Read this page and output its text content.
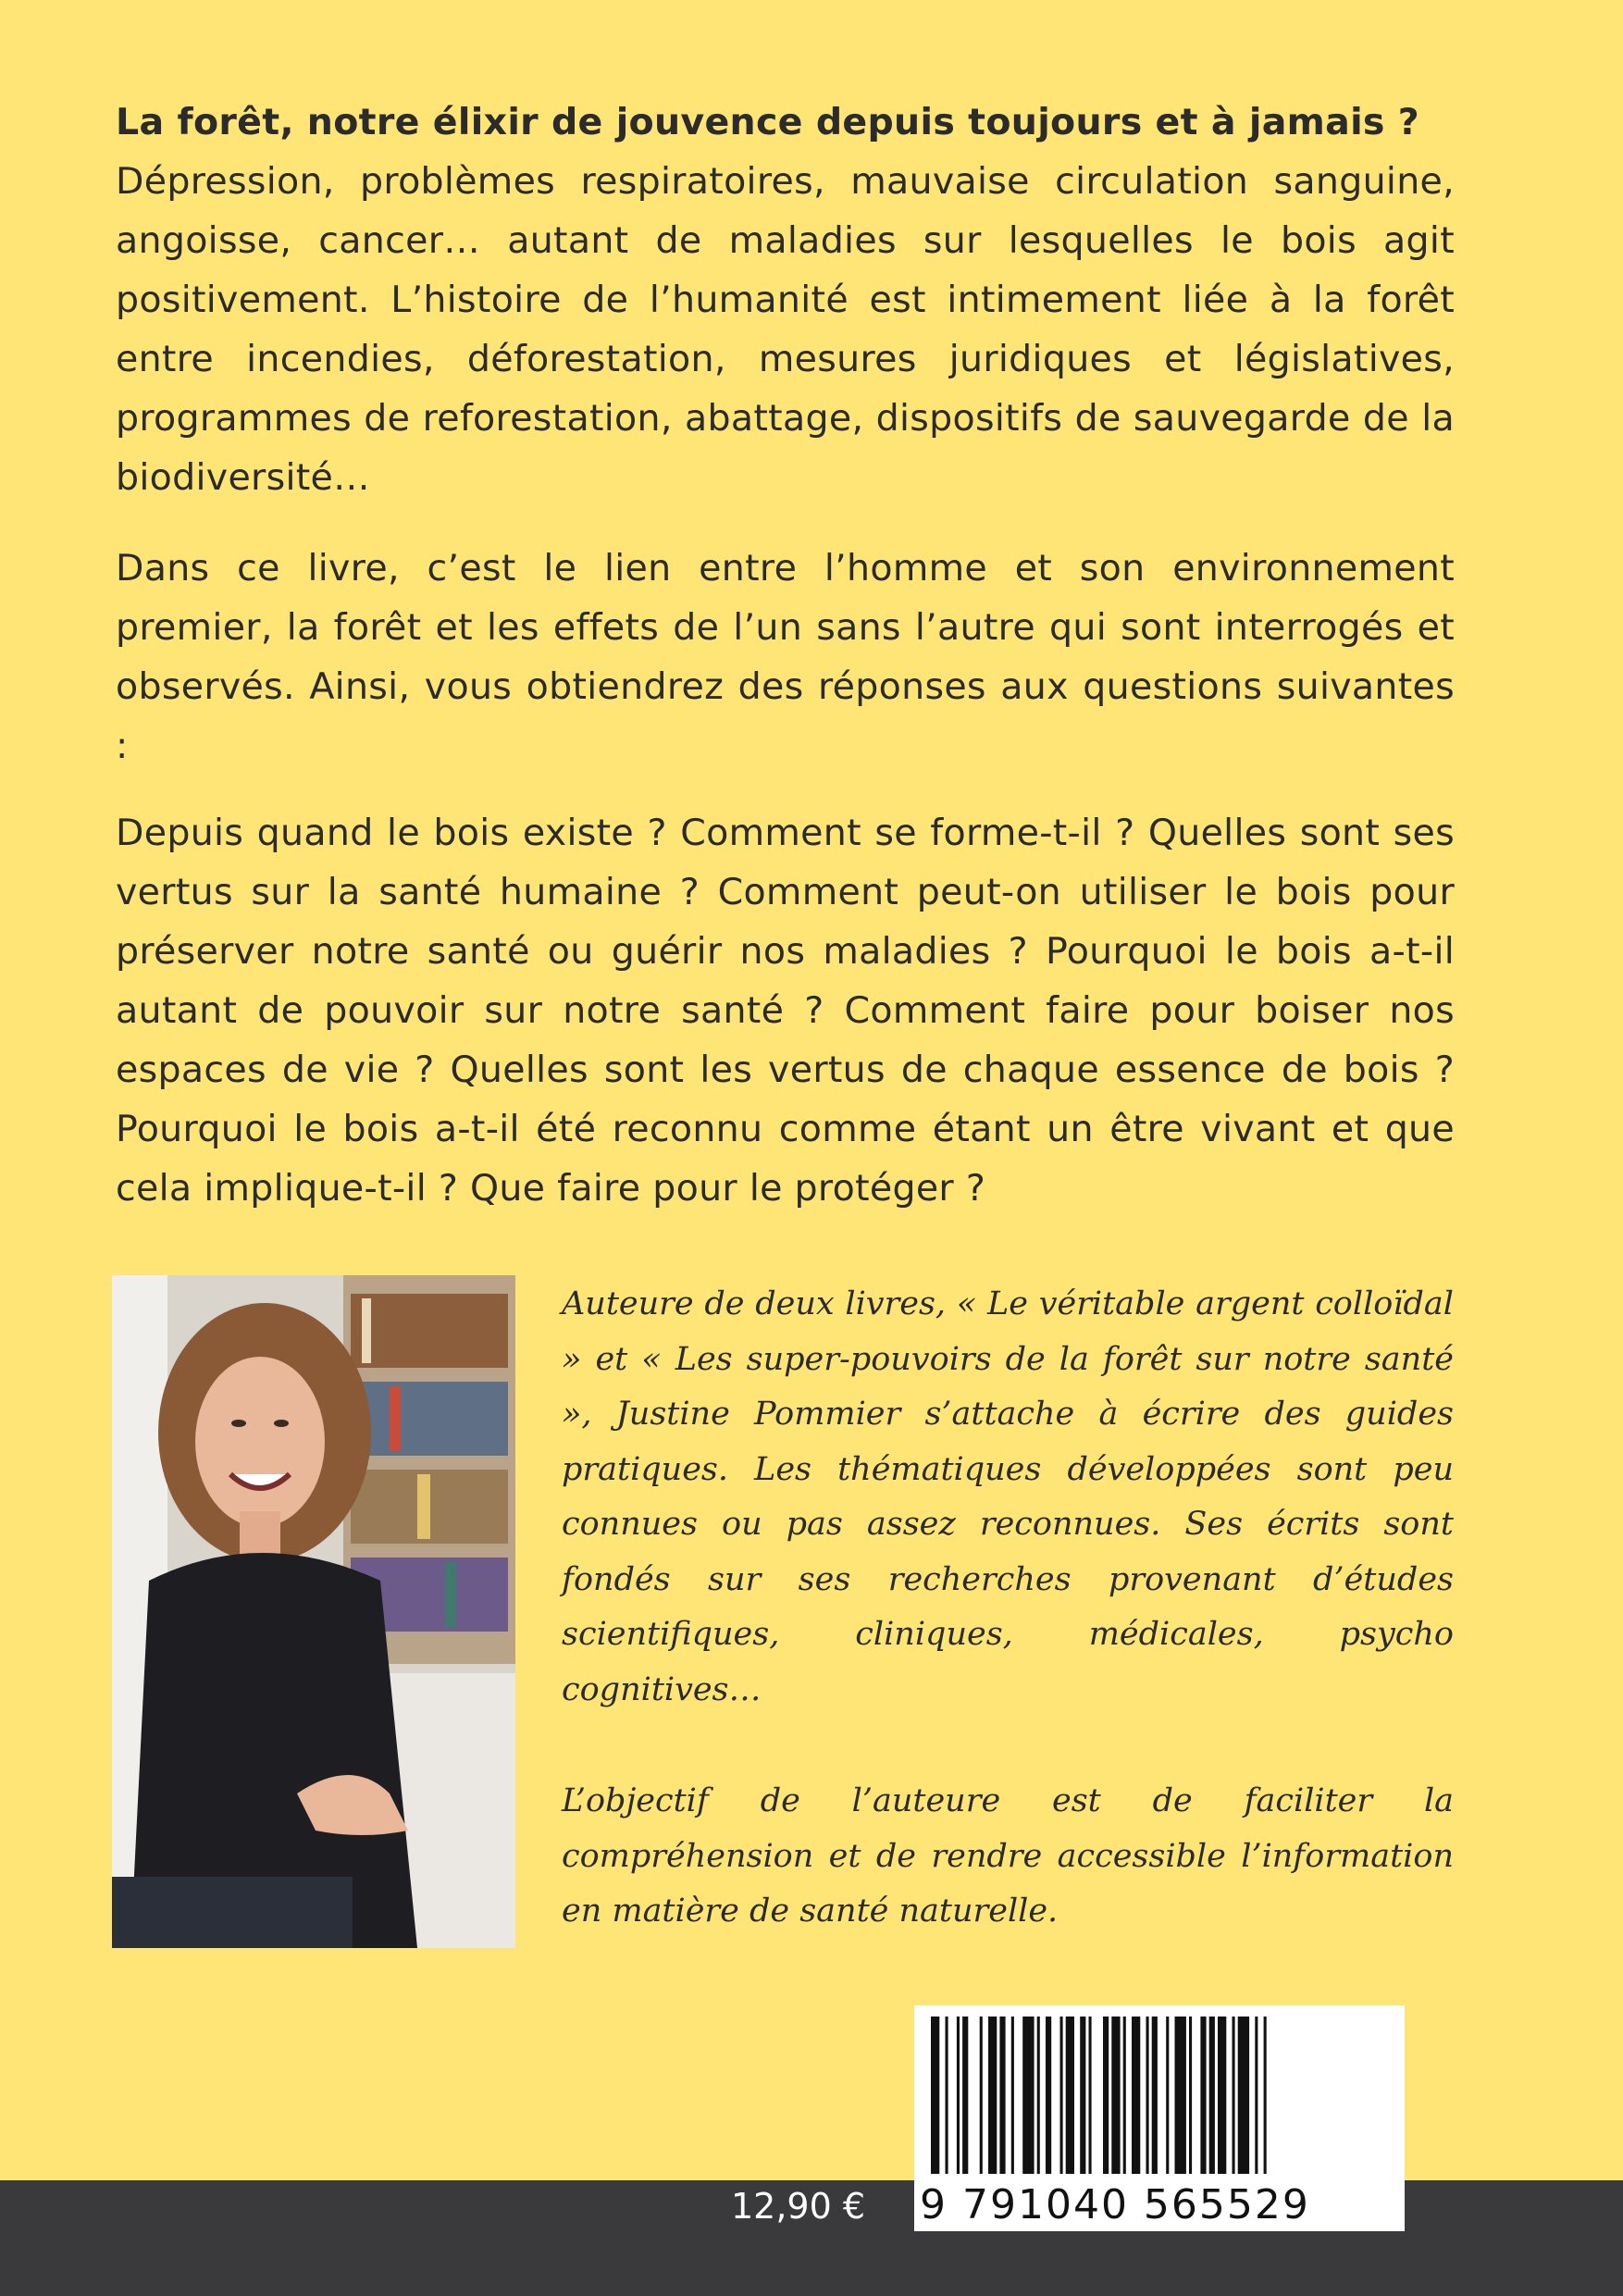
La forêt, notre élixir de jouvence depuis toujours et à jamais ?

Dépression, problèmes respiratoires, mauvaise circulation sanguine, angoisse, cancer… autant de maladies sur lesquelles le bois agit positivement. L’histoire de l’humanité est intimement liée à la forêt entre incendies, déforestation, mesures juridiques et législatives, programmes de reforestation, abattage, dispositifs de sauvegarde de la biodiversité…

Dans ce livre, c’est le lien entre l’homme et son environnement premier, la forêt et les effets de l’un sans l’autre qui sont interrogés et observés. Ainsi, vous obtiendrez des réponses aux questions suivantes :

Depuis quand le bois existe ? Comment se forme-t-il ? Quelles sont ses vertus sur la santé humaine ? Comment peut-on utiliser le bois pour préserver notre santé ou guérir nos maladies ? Pourquoi le bois a-t-il autant de pouvoir sur notre santé ? Comment faire pour boiser nos espaces de vie ? Quelles sont les vertus de chaque essence de bois ? Pourquoi le bois a-t-il été reconnu comme étant un être vivant et que cela implique-t-il ? Que faire pour le protéger ?

Auteure de deux livres, « Le véritable argent colloïdal » et « Les super-pouvoirs de la forêt sur notre santé », Justine Pommier s’attache à écrire des guides pratiques. Les thématiques développées sont peu connues ou pas assez reconnues. Ses écrits sont fondés sur ses recherches provenant d’études scientifiques, cliniques, médicales, psycho cognitives…

L’objectif de l’auteure est de faciliter la compréhension et de rendre accessible l’information en matière de santé naturelle.

12,90 €	9 791040 565529
